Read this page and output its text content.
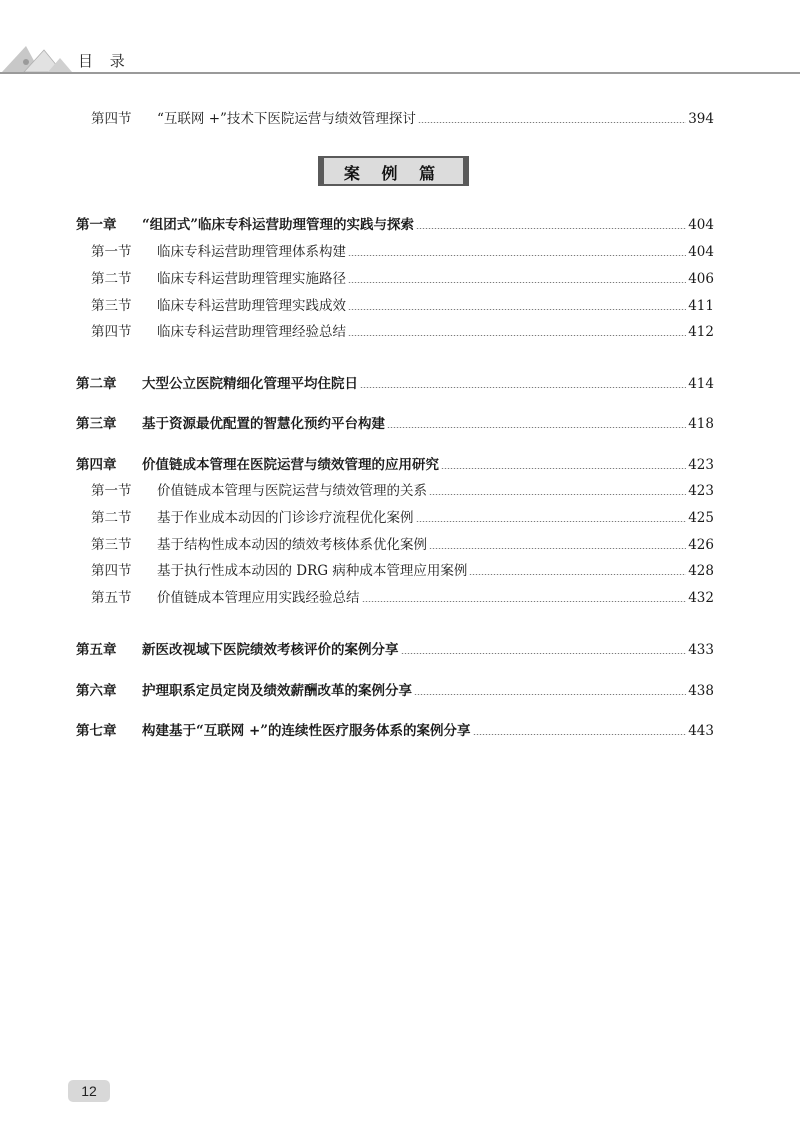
目 录
第四节	“互联网 +”技术下医院运营与绩效管理探讨	394
案 例 篇
第一章	“组团式”临床专科运营助理管理的实践与探索	404
第一节	临床专科运营助理管理体系构建	404
第二节	临床专科运营助理管理实施路径	406
第三节	临床专科运营助理管理实践成效	411
第四节	临床专科运营助理管理经验总结	412
第二章	大型公立医院精细化管理平均住院日	414
第三章	基于资源最优配置的智慧化预约平台构建	418
第四章	价值链成本管理在医院运营与绩效管理的应用研究	423
第一节	价值链成本管理与医院运营与绩效管理的关系	423
第二节	基于作业成本动因的门诊诊疗流程优化案例	425
第三节	基于结构性成本动因的绩效考核体系优化案例	426
第四节	基于执行性成本动因的 DRG 病种成本管理应用案例	428
第五节	价值链成本管理应用实践经验总结	432
第五章	新医改视域下医院绩效考核评价的案例分享	433
第六章	护理职系定员定岗及绩效薪酬改革的案例分享	438
第七章	构建基于“互联网 +”的连续性医疗服务体系的案例分享	443
12
